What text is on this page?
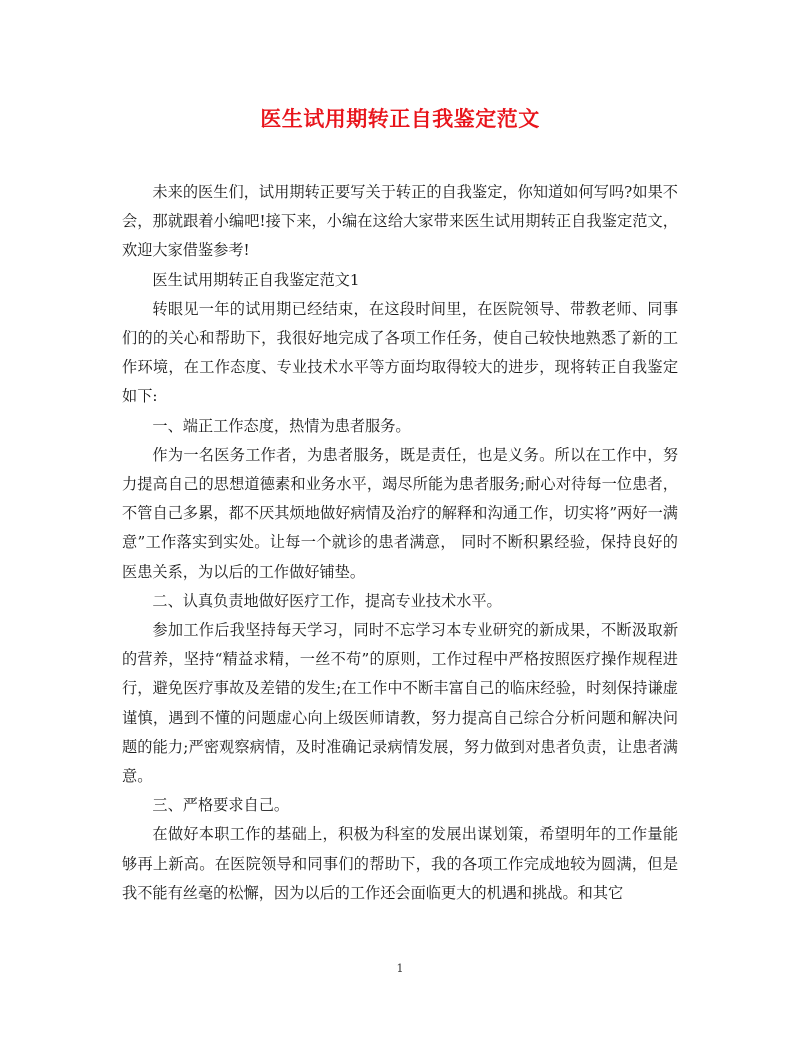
医生试用期转正自我鉴定范文

未来的医生们，试用期转正要写关于转正的自我鉴定，你知道如何写吗?如果不会，那就跟着小编吧!接下来，小编在这给大家带来医生试用期转正自我鉴定范文，欢迎大家借鉴参考!

医生试用期转正自我鉴定范文1

转眼见一年的试用期已经结束，在这段时间里，在医院领导、带教老师、同事们的的关心和帮助下，我很好地完成了各项工作任务，使自己较快地熟悉了新的工作环境，在工作态度、专业技术水平等方面均取得较大的进步，现将转正自我鉴定如下:

一、端正工作态度，热情为患者服务。

作为一名医务工作者，为患者服务，既是责任，也是义务。所以在工作中，努力提高自己的思想道德素和业务水平，竭尽所能为患者服务;耐心对待每一位患者，不管自己多累，都不厌其烦地做好病情及治疗的解释和沟通工作，切实将”两好一满意”工作落实到实处。让每一个就诊的患者满意， 同时不断积累经验，保持良好的医患关系，为以后的工作做好铺垫。

二、认真负责地做好医疗工作，提高专业技术水平。

参加工作后我坚持每天学习，同时不忘学习本专业研究的新成果，不断汲取新的营养，坚持“精益求精，一丝不苟”的原则，工作过程中严格按照医疗操作规程进行，避免医疗事故及差错的发生;在工作中不断丰富自己的临床经验，时刻保持谦虚谨慎，遇到不懂的问题虚心向上级医师请教，努力提高自己综合分析问题和解决问题的能力;严密观察病情，及时准确记录病情发展，努力做到对患者负责，让患者满意。

三、严格要求自己。

在做好本职工作的基础上，积极为科室的发展出谋划策，希望明年的工作量能够再上新高。在医院领导和同事们的帮助下，我的各项工作完成地较为圆满，但是我不能有丝毫的松懈，因为以后的工作还会面临更大的机遇和挑战。和其它

1
